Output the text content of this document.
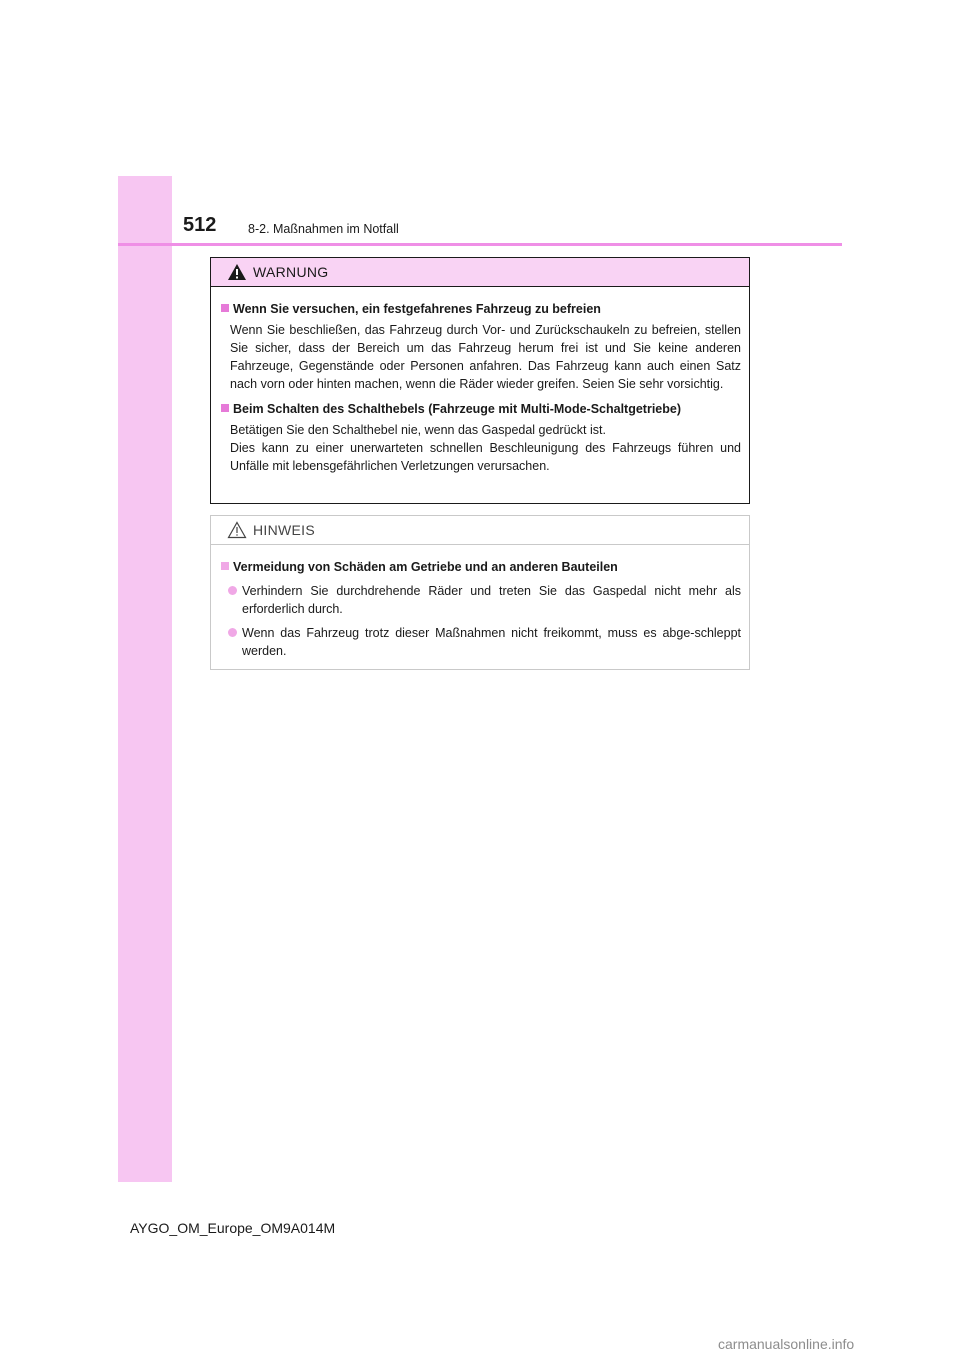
512	8-2. Maßnahmen im Notfall
WARNUNG

Wenn Sie versuchen, ein festgefahrenes Fahrzeug zu befreien

Wenn Sie beschließen, das Fahrzeug durch Vor- und Zurückschaukeln zu befreien, stellen Sie sicher, dass der Bereich um das Fahrzeug herum frei ist und Sie keine anderen Fahrzeuge, Gegenstände oder Personen anfahren. Das Fahrzeug kann auch einen Satz nach vorn oder hinten machen, wenn die Räder wieder greifen. Seien Sie sehr vorsichtig.

Beim Schalten des Schalthebels (Fahrzeuge mit Multi-Mode-Schaltgetriebe)

Betätigen Sie den Schalthebel nie, wenn das Gaspedal gedrückt ist.

Dies kann zu einer unerwarteten schnellen Beschleunigung des Fahrzeugs führen und Unfälle mit lebensgefährlichen Verletzungen verursachen.

HINWEIS

Vermeidung von Schäden am Getriebe und an anderen Bauteilen

Verhindern Sie durchdrehende Räder und treten Sie das Gaspedal nicht mehr als erforderlich durch.

Wenn das Fahrzeug trotz dieser Maßnahmen nicht freikommt, muss es abge-schleppt werden.

AYGO_OM_Europe_OM9A014M
carmanualsonline.info
